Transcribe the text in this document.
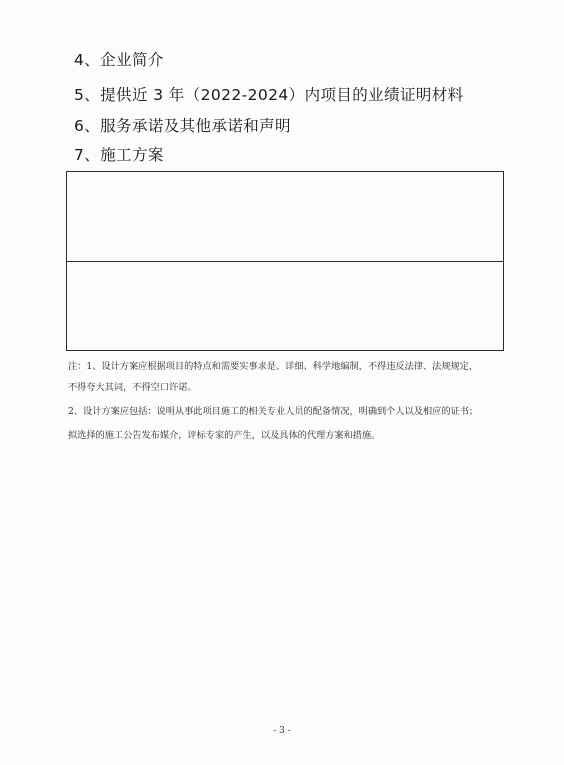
4、企业简介
5、提供近 3 年（2022-2024）内项目的业绩证明材料
6、服务承诺及其他承诺和声明
7、施工方案
注：1、设计方案应根据项目的特点和需要实事求是、详细、科学地编制，不得违反法律、法规规定，
不得夸大其词，不得空口许诺。
2、设计方案应包括：说明从事此项目施工的相关专业人员的配备情况，明确到个人以及相应的证书；
拟选择的施工公告发布媒介，评标专家的产生，以及具体的代理方案和措施。
- 3 -
